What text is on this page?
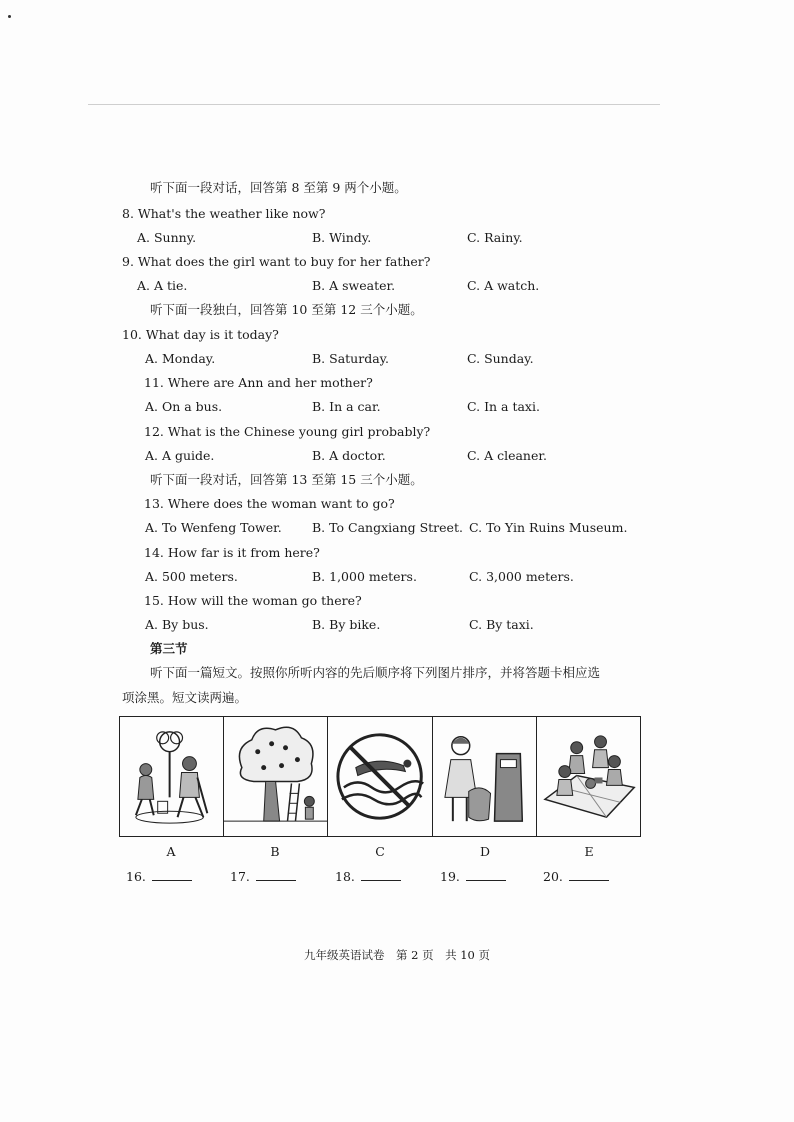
听下面一段对话，回答第 8 至第 9 两个小题。
8. What's the weather like now?
A. Sunny.	B. Windy.	C. Rainy.
9. What does the girl want to buy for her father?
A. A tie.	B. A sweater.	C. A watch.
听下面一段独白，回答第 10 至第 12 三个小题。
10. What day is it today?
A. Monday.	B. Saturday.	C. Sunday.
11. Where are Ann and her mother?
A. On a bus.	B. In a car.	C. In a taxi.
12. What is the Chinese young girl probably?
A. A guide.	B. A doctor.	C. A cleaner.
听下面一段对话，回答第 13 至第 15 三个小题。
13. Where does the woman want to go?
A. To Wenfeng Tower. B. To Cangxiang Street. C. To Yin Ruins Museum.
14. How far is it from here?
A. 500 meters.	B. 1,000 meters.	C. 3,000 meters.
15. How will the woman go there?
A. By bus.	B. By bike.	C. By taxi.
第三节
听下面一篇短文。按照你所听内容的先后顺序将下列图片排序，并将答题卡相应选
项涂黑。短文读两遍。
A	B	C	D	E
16.	17.	18.	19.	20.
九年级英语试卷　第 2 页　共 10 页
